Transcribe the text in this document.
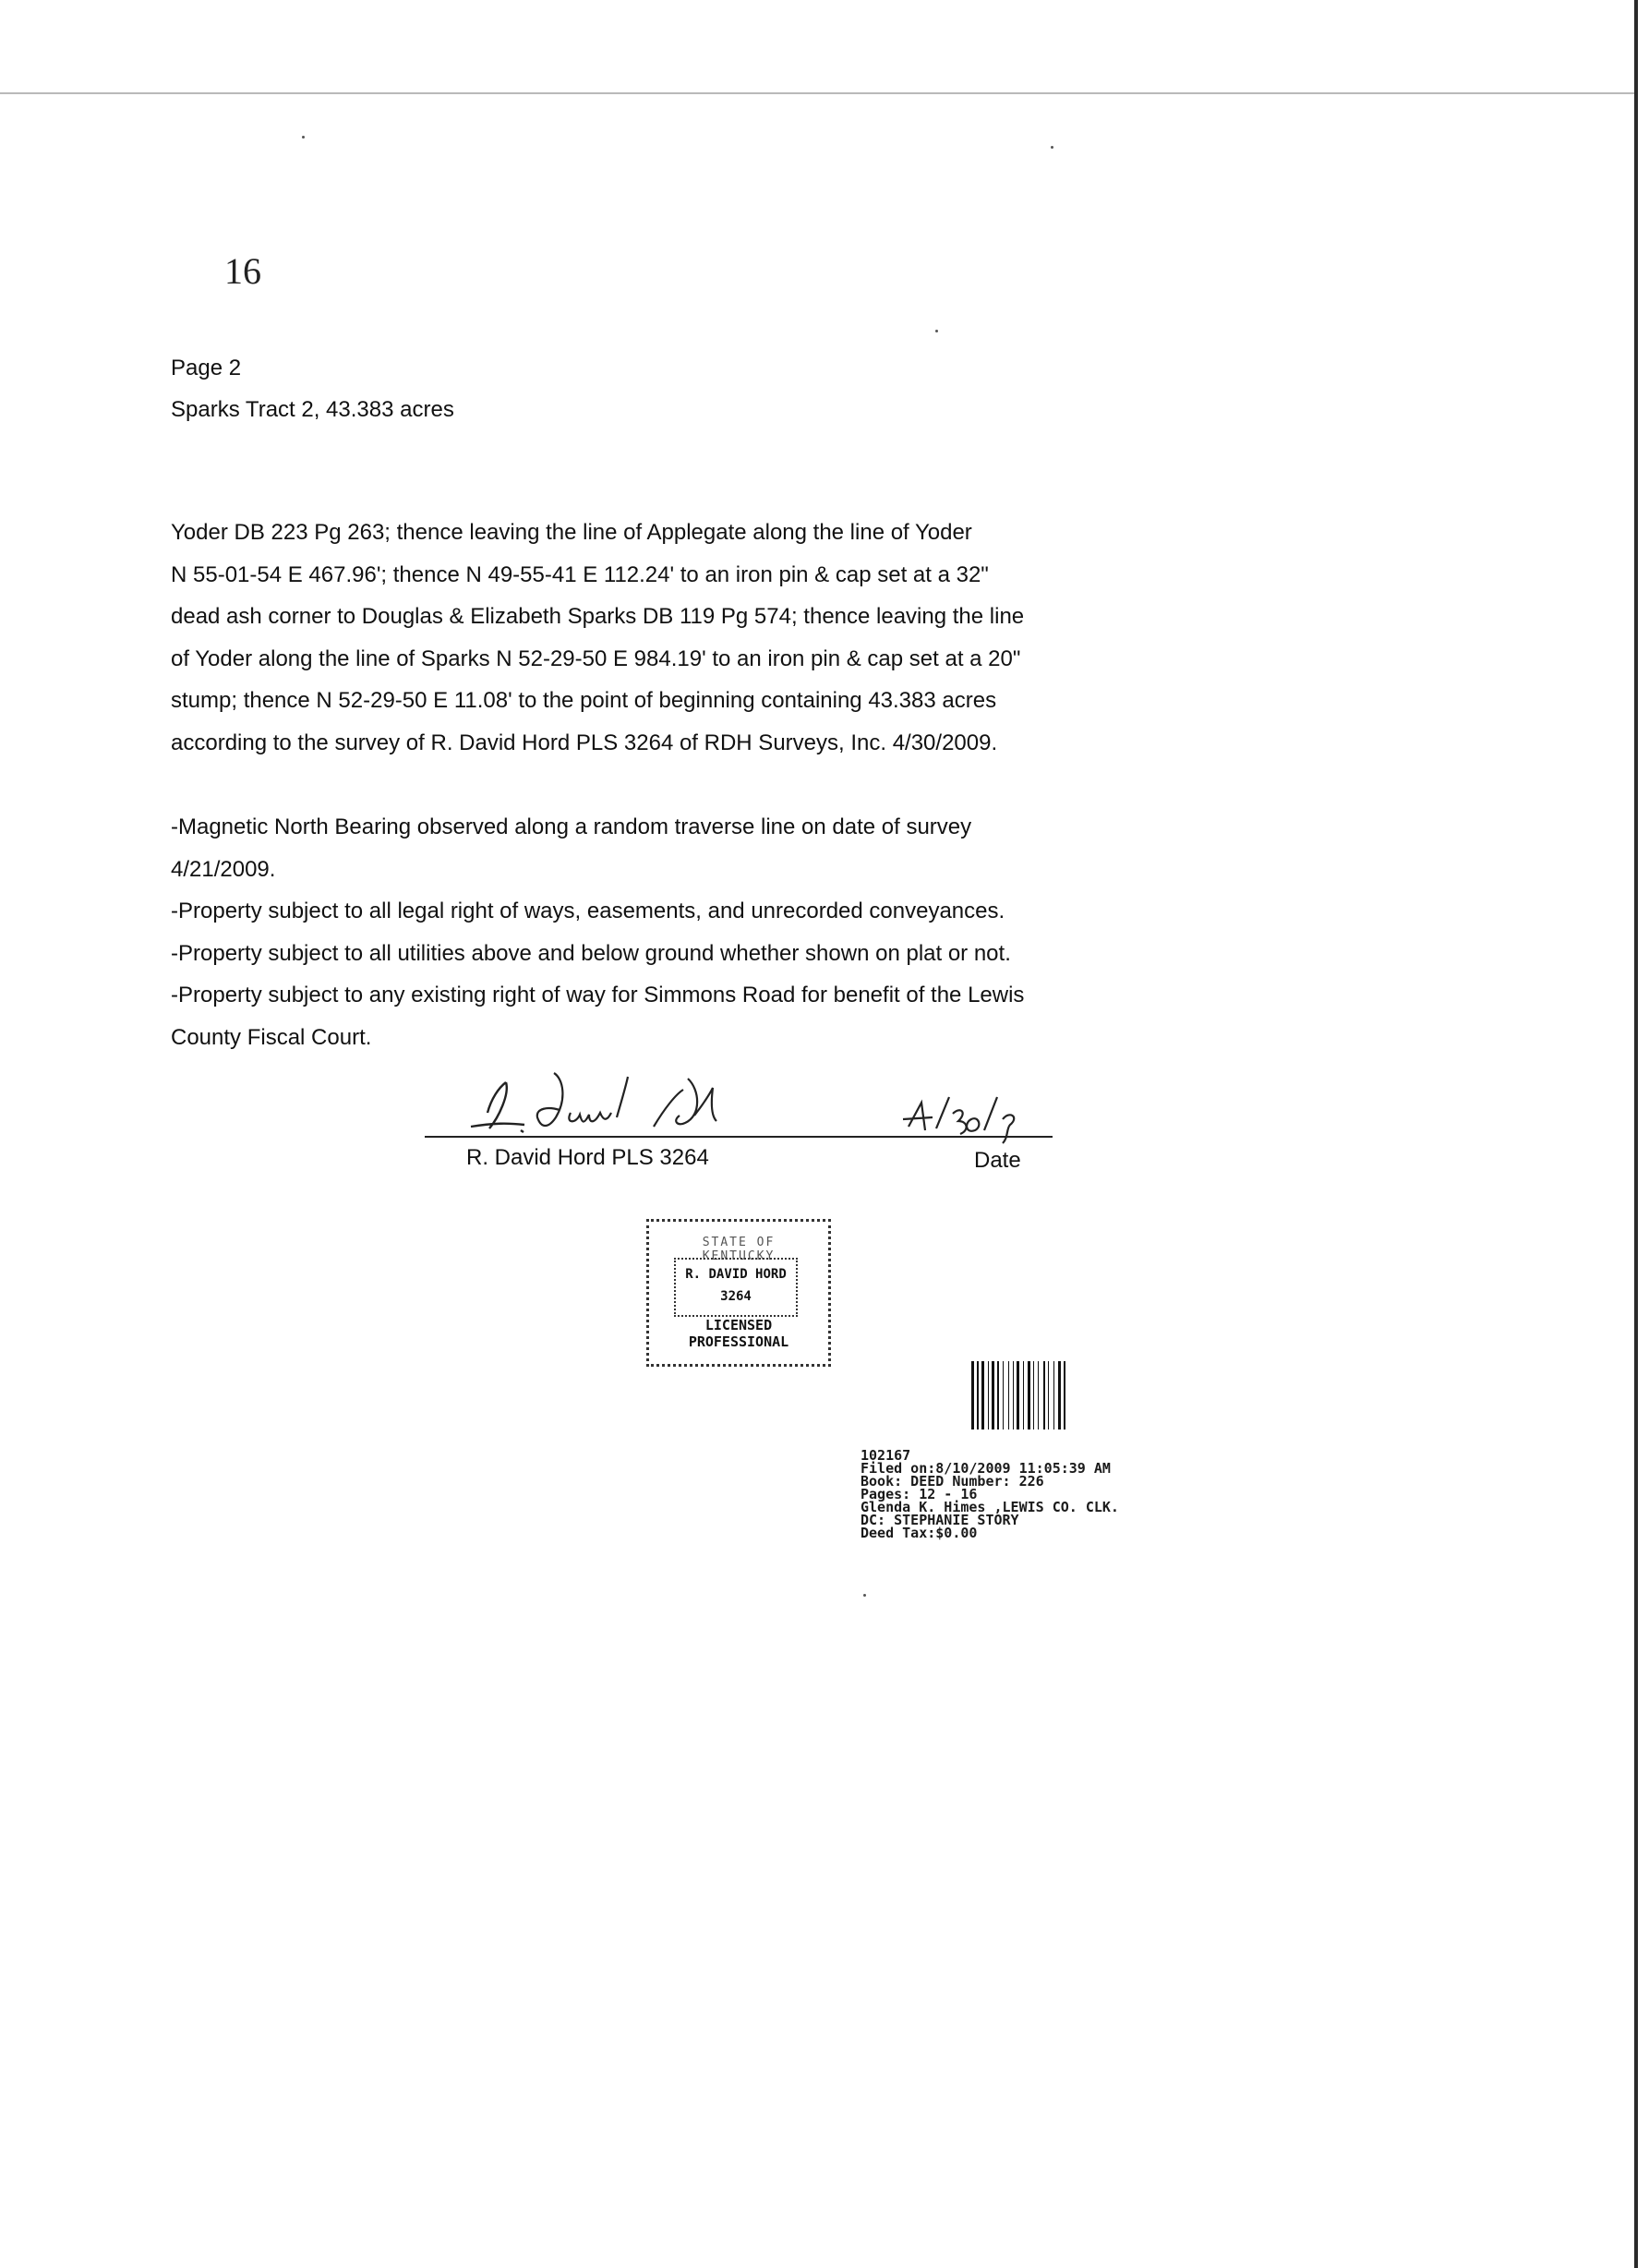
16
Page 2
Sparks Tract 2, 43.383 acres
Yoder DB 223 Pg 263; thence leaving the line of Applegate along the line of Yoder
N 55-01-54 E 467.96'; thence N 49-55-41 E 112.24' to an iron pin & cap set at a 32"
dead ash corner to Douglas & Elizabeth Sparks DB 119 Pg 574; thence leaving the line
of Yoder along the line of Sparks N 52-29-50 E 984.19' to an iron pin & cap set at a 20"
stump; thence N 52-29-50 E 11.08' to the point of beginning containing 43.383 acres
according to the survey of R. David Hord PLS 3264 of RDH Surveys, Inc. 4/30/2009.
-Magnetic North Bearing observed along a random traverse line on date of survey
4/21/2009.
-Property subject to all legal right of ways, easements, and unrecorded conveyances.
-Property subject to all utilities above and below ground whether shown on plat or not.
-Property subject to any existing right of way for Simmons Road for benefit of the Lewis
County Fiscal Court.
R. David Hord PLS 3264	Date
STATE OF KENTUCKY
R. DAVID HORD
3264
LICENSED
PROFESSIONAL
102167
Filed on:8/10/2009 11:05:39 AM
Book: DEED Number: 226
Pages: 12 - 16
Glenda K. Himes ,LEWIS CO. CLK.
DC: STEPHANIE STORY
Deed Tax:$0.00
